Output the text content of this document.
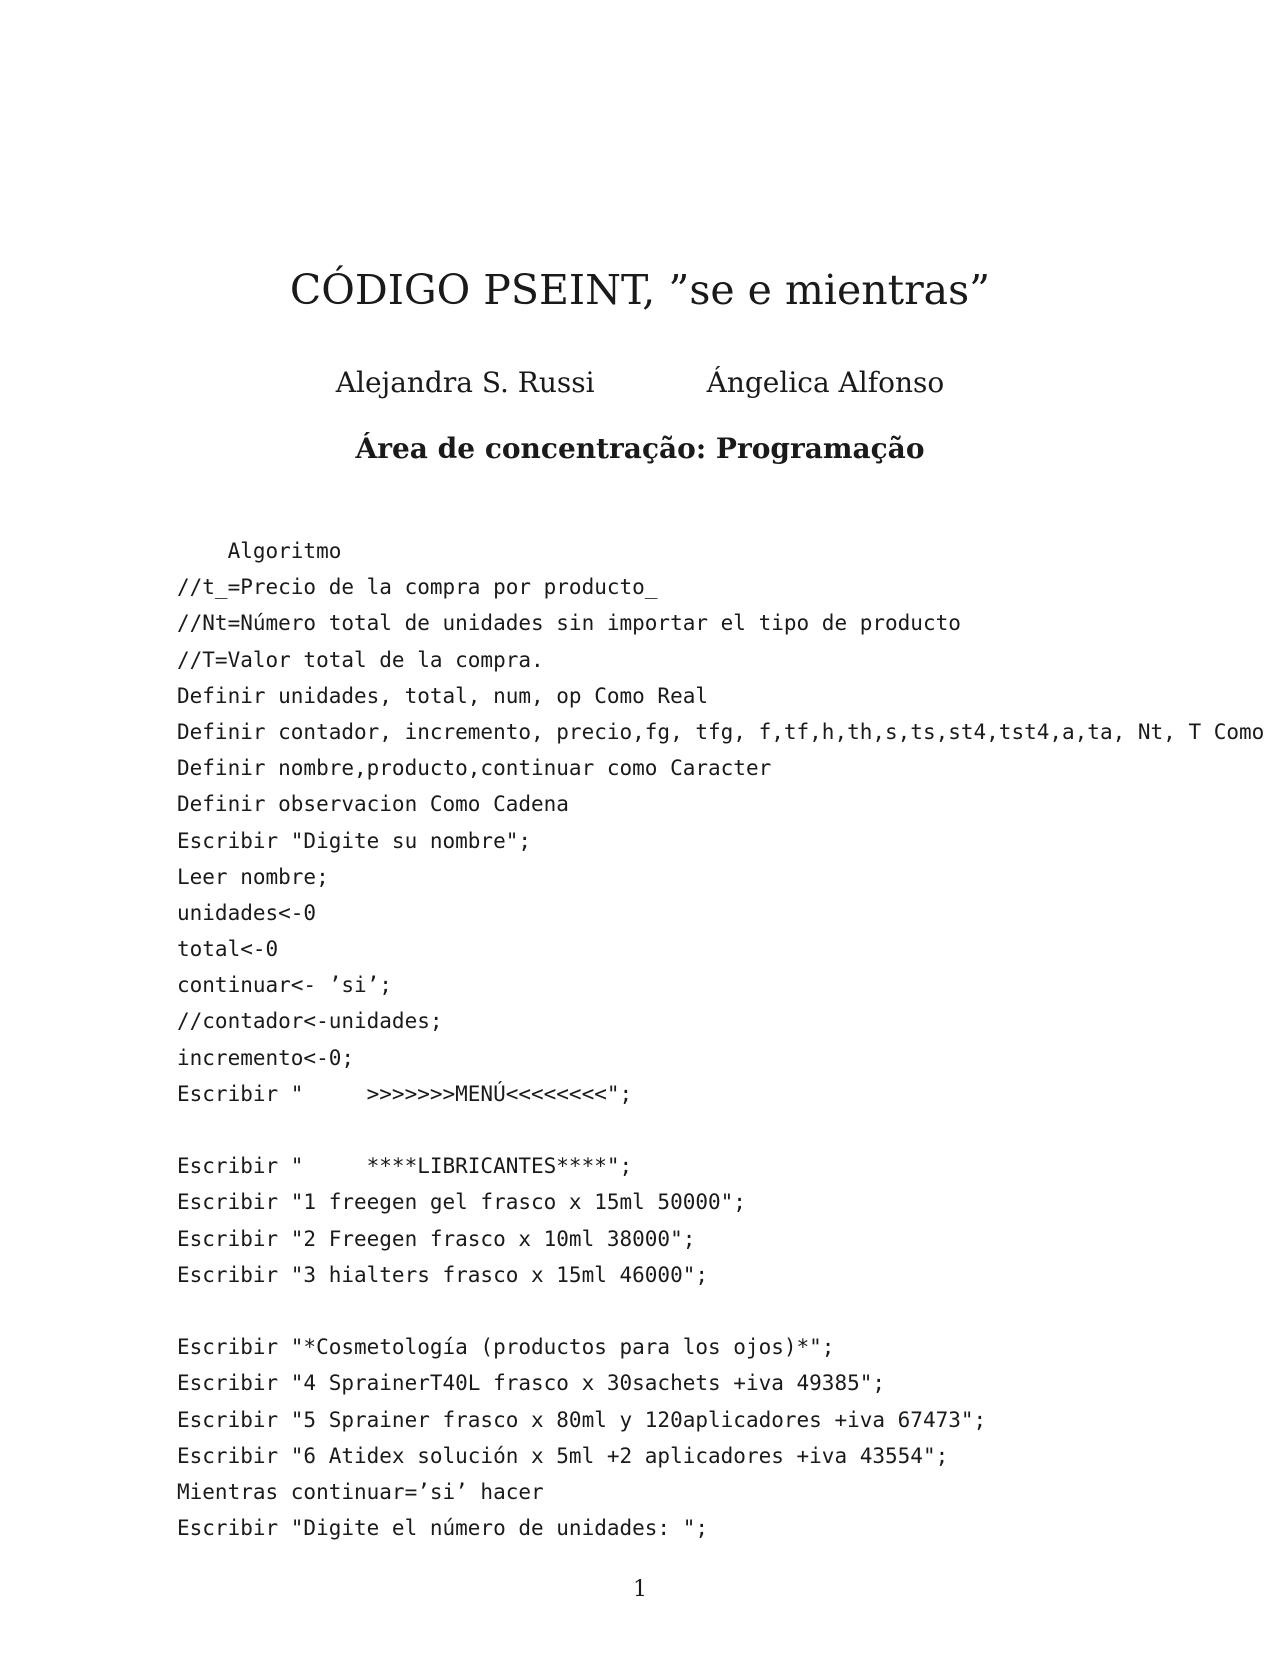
CÓDIGO PSEINT, ”se e mientras”
Alejandra S. Russi	Ángelica Alfonso
Área de concentração: Programação
Algoritmo
//t_=Precio de la compra por producto_
//Nt=Número total de unidades sin importar el tipo de producto
//T=Valor total de la compra.
Definir unidades, total, num, op Como Real
Definir contador, incremento, precio,fg, tfg, f,tf,h,th,s,ts,st4,tst4,a,ta, Nt, T Como
Definir nombre,producto,continuar como Caracter
Definir observacion Como Cadena
Escribir "Digite su nombre";
Leer nombre;
unidades<-0
total<-0
continuar<- ’si’;
//contador<-unidades;
incremento<-0;
Escribir "     >>>>>>>MENÚ<<<<<<<<";
Escribir "     ****LIBRICANTES****";
Escribir "1 freegen gel frasco x 15ml 50000";
Escribir "2 Freegen frasco x 10ml 38000";
Escribir "3 hialters frasco x 15ml 46000";
Escribir "*Cosmetología (productos para los ojos)*";
Escribir "4 SprainerT40L frasco x 30sachets +iva 49385";
Escribir "5 Sprainer frasco x 80ml y 120aplicadores +iva 67473";
Escribir "6 Atidex solución x 5ml +2 aplicadores +iva 43554";
Mientras continuar=’si’ hacer
Escribir "Digite el número de unidades: ";
1
